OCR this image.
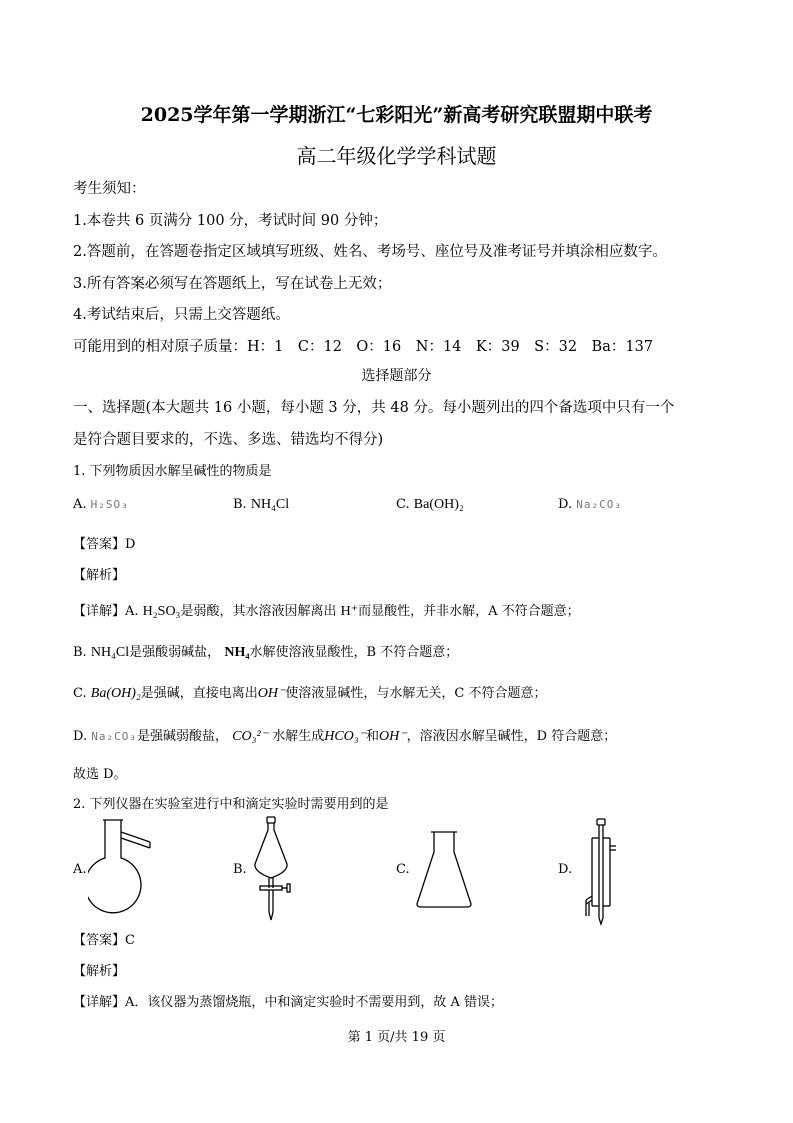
2025学年第一学期浙江“七彩阳光”新高考研究联盟期中联考
高二年级化学学科试题
考生须知：
1.本卷共 6 页满分 100 分，考试时间 90 分钟；
2.答题前，在答题卷指定区域填写班级、姓名、考场号、座位号及准考证号并填涂相应数字。
3.所有答案必须写在答题纸上，写在试卷上无效；
4.考试结束后，只需上交答题纸。
可能用到的相对原子质量：H：1　C：12　O：16　N：14　K：39　S：32　Ba：137
选择题部分
一、选择题(本大题共 16 小题，每小题 3 分，共 48 分。每小题列出的四个备选项中只有一个
是符合题目要求的，不选、多选、错选均不得分)
1. 下列物质因水解呈碱性的物质是
A. H₂SO₃	B. NH₄Cl	C. Ba(OH)₂	D. Na₂CO₃
【答案】D
【解析】
【详解】A. H₂SO₃是弱酸，其水溶液因解离出 H⁺而显酸性，并非水解，A 不符合题意；
B. NH₄Cl是强酸弱碱盐， NH₄水解使溶液显酸性，B 不符合题意；
C. Ba(OH)₂是强碱，直接电离出OH⁻使溶液显碱性，与水解无关，C 不符合题意；
D. Na₂CO₃是强碱弱酸盐， CO₃²⁻ 水解生成HCO₃⁻和OH⁻，溶液因水解呈碱性，D 符合题意；
故选 D。
2. 下列仪器在实验室进行中和滴定实验时需要用到的是
A.	B.	C.	D.
【答案】C
【解析】
【详解】A．该仪器为蒸馏烧瓶，中和滴定实验时不需要用到，故 A 错误；
第 1 页/共 19 页
